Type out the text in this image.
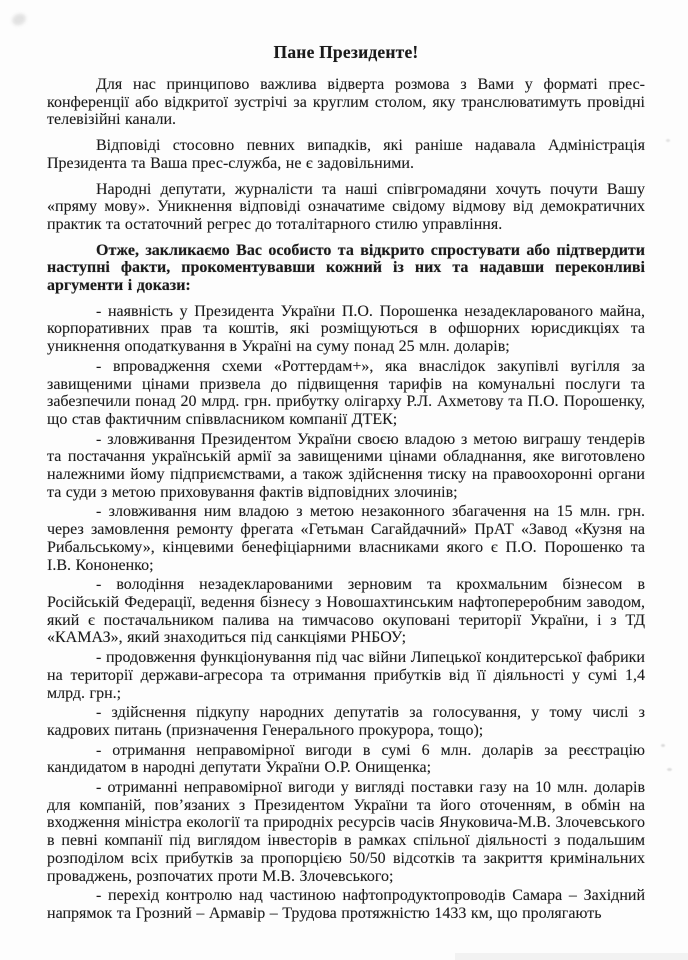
Пане Президенте!

Для нас принципово важлива відверта розмова з Вами у форматі прес-конференції або відкритої зустрічі за круглим столом, яку транслюватимуть провідні телевізійні канали.

Відповіді стосовно певних випадків, які раніше надавала Адміністрація Президента та Ваша прес-служба, не є задовільними.

Народні депутати, журналісти та наші співгромадяни хочуть почути Вашу «пряму мову». Уникнення відповіді означатиме свідому відмову від демократичних практик та остаточний регрес до тоталітарного стилю управління.

Отже, закликаємо Вас особисто та відкрито спростувати або підтвердити наступні факти, прокоментувавши кожний із них та надавши переконливі аргументи і докази:

- наявність у Президента України П.О. Порошенка незадекларованого майна, корпоративних прав та коштів, які розміщуються в офшорних юрисдикціях та уникнення оподаткування в Україні на суму понад 25 млн. доларів;

- впровадження схеми «Роттердам+», яка внаслідок закупівлі вугілля за завищеними цінами призвела до підвищення тарифів на комунальні послуги та забезпечили понад 20 млрд. грн. прибутку олігарху Р.Л. Ахметову та П.О. Порошенку, що став фактичним співвласником компанії ДТЕК;

- зловживання Президентом України своєю владою з метою виграшу тендерів та постачання українській армії за завищеними цінами обладнання, яке виготовлено належними йому підприємствами, а також здійснення тиску на правоохоронні органи та суди з метою приховування фактів відповідних злочинів;

- зловживання ним владою з метою незаконного збагачення на 15 млн. грн. через замовлення ремонту фрегата «Гетьман Сагайдачний» ПрАТ «Завод «Кузня на Рибальському», кінцевими бенефіціарними власниками якого є П.О. Порошенко та І.В. Кононенко;

- володіння незадекларованими зерновим та крохмальним бізнесом в Російській Федерації, ведення бізнесу з Новошахтинським нафтопереробним заводом, який є постачальником палива на тимчасово окуповані території України, і з ТД «КАМАЗ», який знаходиться під санкціями РНБОУ;

- продовження функціонування під час війни Липецької кондитерської фабрики на території держави-агресора та отримання прибутків від її діяльності у сумі 1,4 млрд. грн.;

- здійснення підкупу народних депутатів за голосування, у тому числі з кадрових питань (призначення Генерального прокурора, тощо);

- отримання неправомірної вигоди в сумі 6 млн. доларів за реєстрацію кандидатом в народні депутати України О.Р. Онищенка;

- отриманні неправомірної вигоди у вигляді поставки газу на 10 млн. доларів для компаній, пов’язаних з Президентом України та його оточенням, в обмін на входження міністра екології та природніх ресурсів часів Януковича-М.В. Злочевського в певні компанії під виглядом інвесторів в рамках спільної діяльності з подальшим розподілом всіх прибутків за пропорцією 50/50 відсотків та закриття кримінальних проваджень, розпочатих проти М.В. Злочевського;

- перехід контролю над частиною нафтопродуктопроводів Самара – Західний напрямок та Грозний – Армавір – Трудова протяжністю 1433 км, що пролягають
